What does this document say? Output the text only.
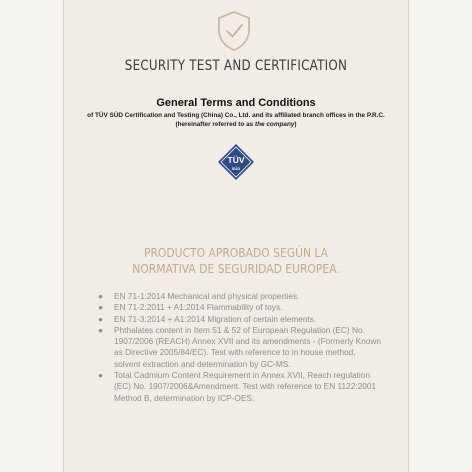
SECURITY TEST AND CERTIFICATION
General Terms and Conditions
of TÜV SÜD Certification and Testing (China) Co., Ltd. and its affiliated branch offices in the P.R.C.
(hereinafter referred to as the company)
TÜV
SÜD
PRODUCTO APROBADO SEGÚN LA
NORMATIVA DE SEGURIDAD EUROPEA.
● EN 71-1:2014 Mechanical and physical properties.
● EN 71-2:2011 + A1:2014 Flammability of toys.
● EN 71-3:2014 + A1:2014 Migration of certain elements.
● Phthalates content in Item 51 & 52 of European Regulation (EC) No. 1907/2006 (REACH) Annex XVII and its amendments - (Formerly Known as Directive 2005/84/EC). Test with reference to in house method, solvent extraction and determination by GC-MS.
● Total Cadmium Content Requirement in Annex XVII, Reach regulation (EC) No. 1907/2006&Amendment. Test with reference to EN 1122:2001 Method B, determination by ICP-OES.
